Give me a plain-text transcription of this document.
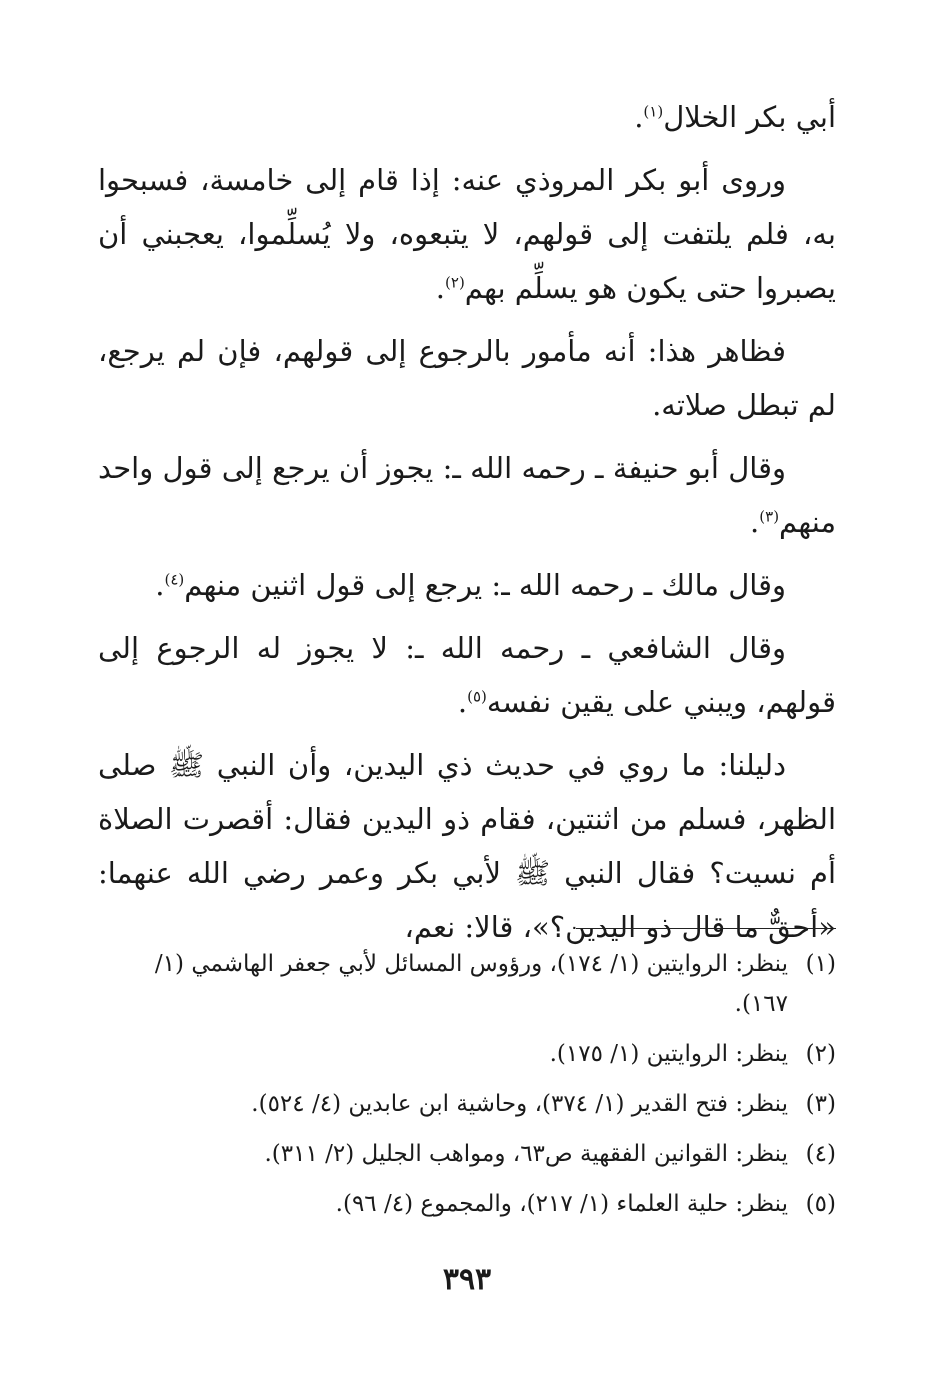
أبي بكر الخلال$^{(١)}$.

وروى أبو بكر المروذي عنه: إذا قام إلى خامسة، فسبحوا به، فلم يلتفت إلى قولهم، لا يتبعوه، ولا يُسلِّموا، يعجبني أن يصبروا حتى يكون هو يسلِّم بهم$^{(٢)}$.

فظاهر هذا: أنه مأمور بالرجوع إلى قولهم، فإن لم يرجع، لم تبطل صلاته.

وقال أبو حنيفة ـ رحمه الله ـ: يجوز أن يرجع إلى قول واحد منهم$^{(٣)}$.

وقال مالك ـ رحمه الله ـ: يرجع إلى قول اثنين منهم$^{(٤)}$.

وقال الشافعي ـ رحمه الله ـ: لا يجوز له الرجوع إلى قولهم، ويبني على يقين نفسه$^{(٥)}$.

دليلنا: ما روي في حديث ذي اليدين، وأن النبي ﷺ صلى الظهر، فسلم من اثنتين، فقام ذو اليدين فقال: أقصرت الصلاة أم نسيت؟ فقال النبي ﷺ لأبي بكر وعمر رضي الله عنهما: «أحقٌّ ما قال ذو اليدين؟»، قالا: نعم،

(١)
ينظر: الروايتين (١/ ١٧٤)، ورؤوس المسائل لأبي جعفر الهاشمي (١/ ١٦٧).
(٢)
ينظر: الروايتين (١/ ١٧٥).
(٣)
ينظر: فتح القدير (١/ ٣٧٤)، وحاشية ابن عابدين (٤/ ٥٢٤).
(٤)
ينظر: القوانين الفقهية ص٦٣، ومواهب الجليل (٢/ ٣١١).
(٥)
ينظر: حلية العلماء (١/ ٢١٧)، والمجموع (٤/ ٩٦).
٣٩٣
